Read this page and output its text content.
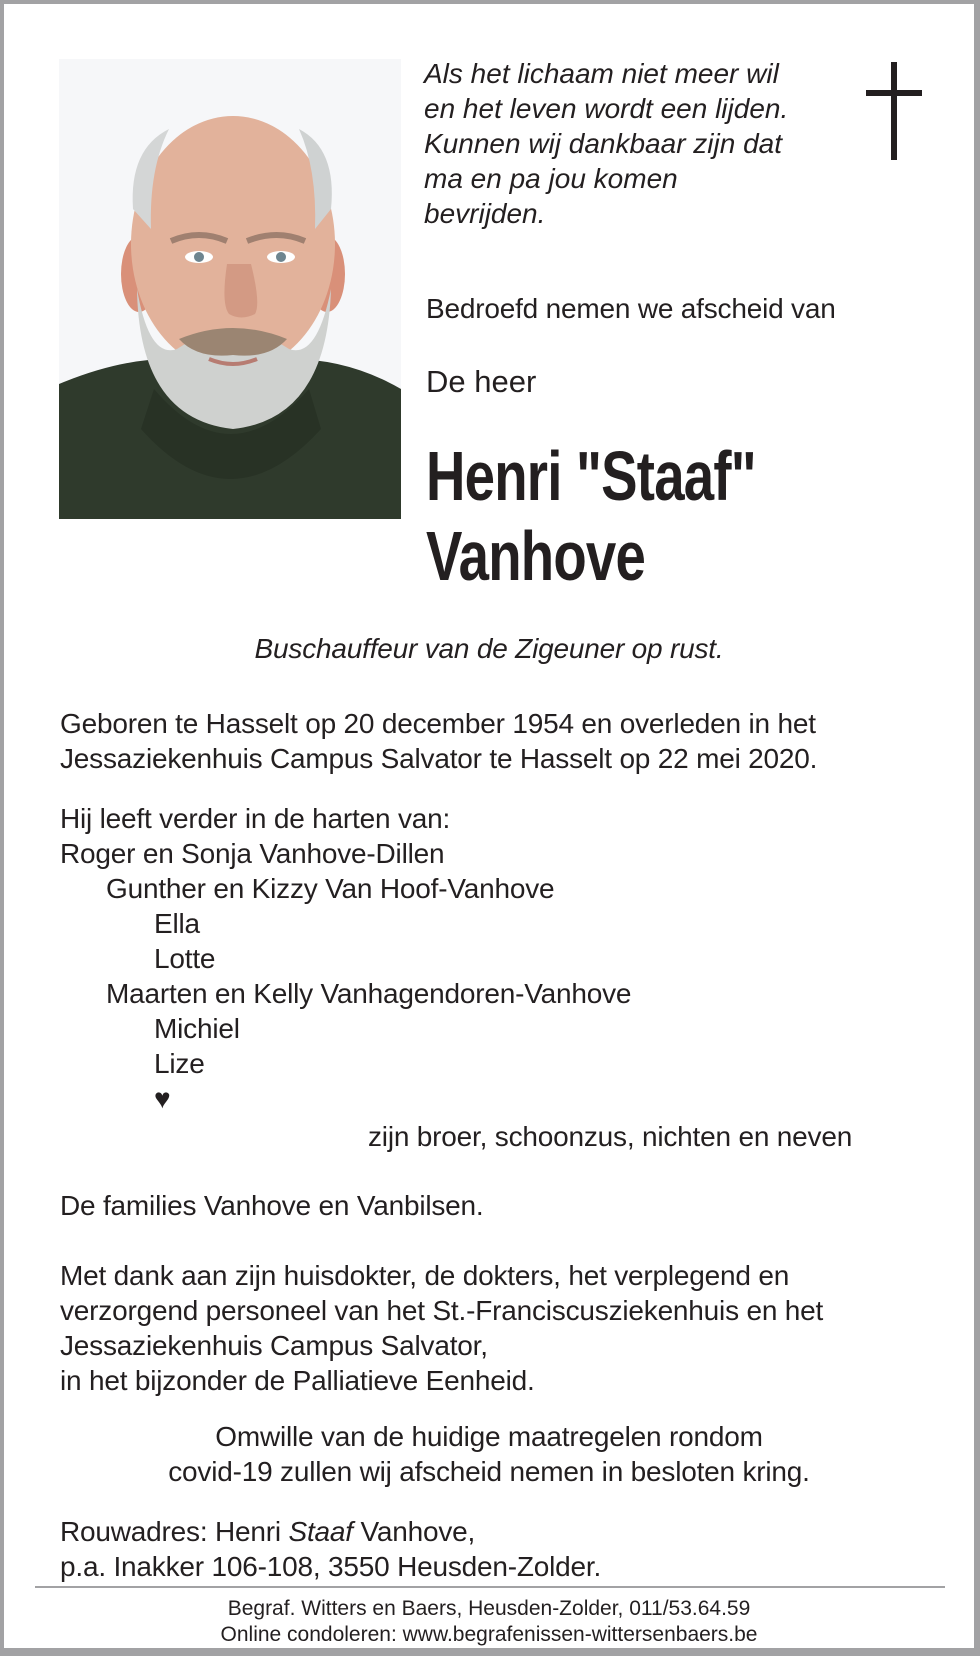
Als het lichaam niet meer wil
en het leven wordt een lijden.
Kunnen wij dankbaar zijn dat
ma en pa jou komen
bevrijden.
Bedroefd nemen we afscheid van
De heer
Henri "Staaf"
Vanhove
Buschauffeur van de Zigeuner op rust.
Geboren te Hasselt op 20 december 1954 en overleden in het
Jessaziekenhuis Campus Salvator te Hasselt op 22 mei 2020.
Hij leeft verder in de harten van:
Roger en Sonja Vanhove-Dillen
Gunther en Kizzy Van Hoof-Vanhove
Ella
Lotte
Maarten en Kelly Vanhagendoren-Vanhove
Michiel
Lize
♥
zijn broer, schoonzus, nichten en neven
De families Vanhove en Vanbilsen.
Met dank aan zijn huisdokter, de dokters, het verplegend en
verzorgend personeel van het St.-Franciscusziekenhuis en het
Jessaziekenhuis Campus Salvator,
in het bijzonder de Palliatieve Eenheid.
Omwille van de huidige maatregelen rondom
covid-19 zullen wij afscheid nemen in besloten kring.
Rouwadres: Henri Staaf Vanhove,
p.a. Inakker 106-108, 3550 Heusden-Zolder.
Begraf. Witters en Baers, Heusden-Zolder, 011/53.64.59
Online condoleren: www.begrafenissen-wittersenbaers.be
